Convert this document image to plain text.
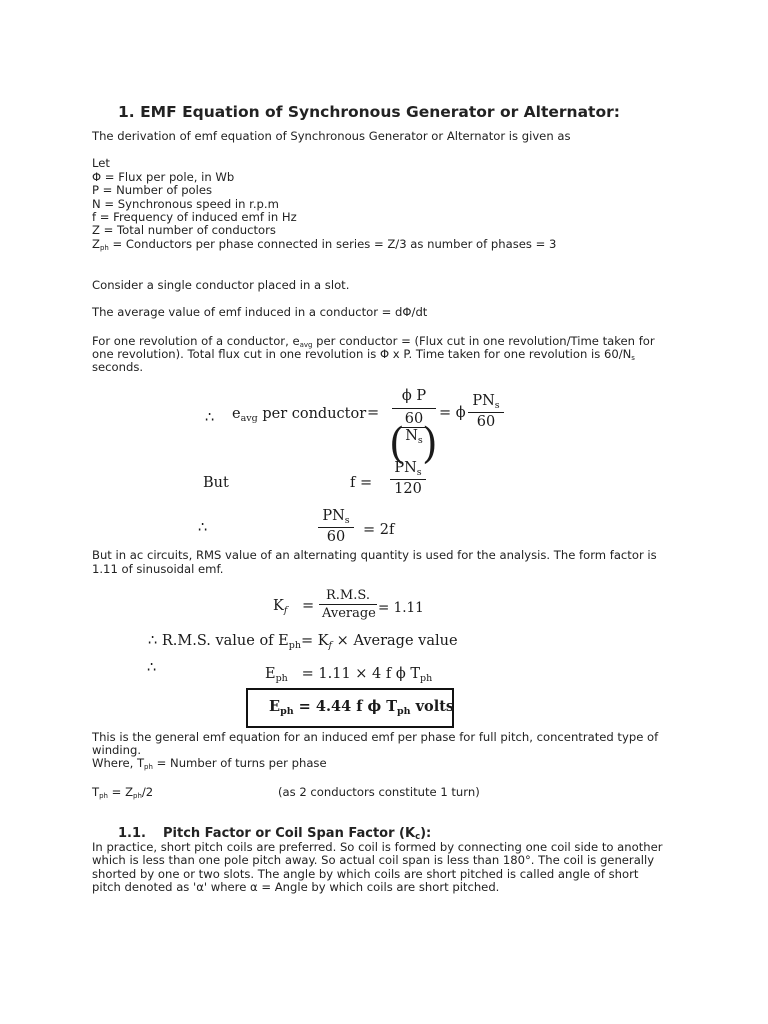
1. EMF Equation of Synchronous Generator or Alternator:
The derivation of emf equation of Synchronous Generator or Alternator is given as
Let
Φ = Flux per pole, in Wb
P = Number of poles
N = Synchronous speed in r.p.m
f = Frequency of induced emf in Hz
Z = Total number of conductors
$Z_{ph}$ = Conductors per phase connected in series = Z/3 as number of phases = 3
Consider a single conductor placed in a slot.
The average value of emf induced in a conductor = dΦ/dt
For one revolution of a conductor, $e_{avg}$ per conductor = (Flux cut in one revolution/Time taken for
one revolution). Total flux cut in one revolution is Φ x P. Time taken for one revolution is $60/N_s$
seconds.
∴ $e_{avg}$ per conductor =
( )
ϕ P
60
$N_s = \phi$
$PN_s$
60
But	f =
$PN_s$
120
∴
$PN_s$
60	= 2f
But in ac circuits, RMS value of an alternating quantity is used for the analysis. The form factor is
1.11 of sinusoidal emf.
$K_f$ =
R.M.S.
Average = 1.11
∴ R.M.S. value of $E_{ph}= K_f$ × Average value
∴	$E_{ph} = 1.11 \times 4$ f ϕ $T_{ph}$
$E_{ph} = 4.44$ f ϕ $T_{ph}$ volts
This is the general emf equation for an induced emf per phase for full pitch, concentrated type of
winding.
Where, $T_{ph}$ = Number of turns per phase
$T_{ph} = Z_{ph}/2$	(as 2 conductors constitute 1 turn)
1.1. Pitch Factor or Coil Span Factor $(K_c)$:
In practice, short pitch coils are preferred. So coil is formed by connecting one coil side to another
which is less than one pole pitch away. So actual coil span is less than 180°. The coil is generally
shorted by one or two slots. The angle by which coils are short pitched is called angle of short
pitch denoted as 'α' where α = Angle by which coils are short pitched.
